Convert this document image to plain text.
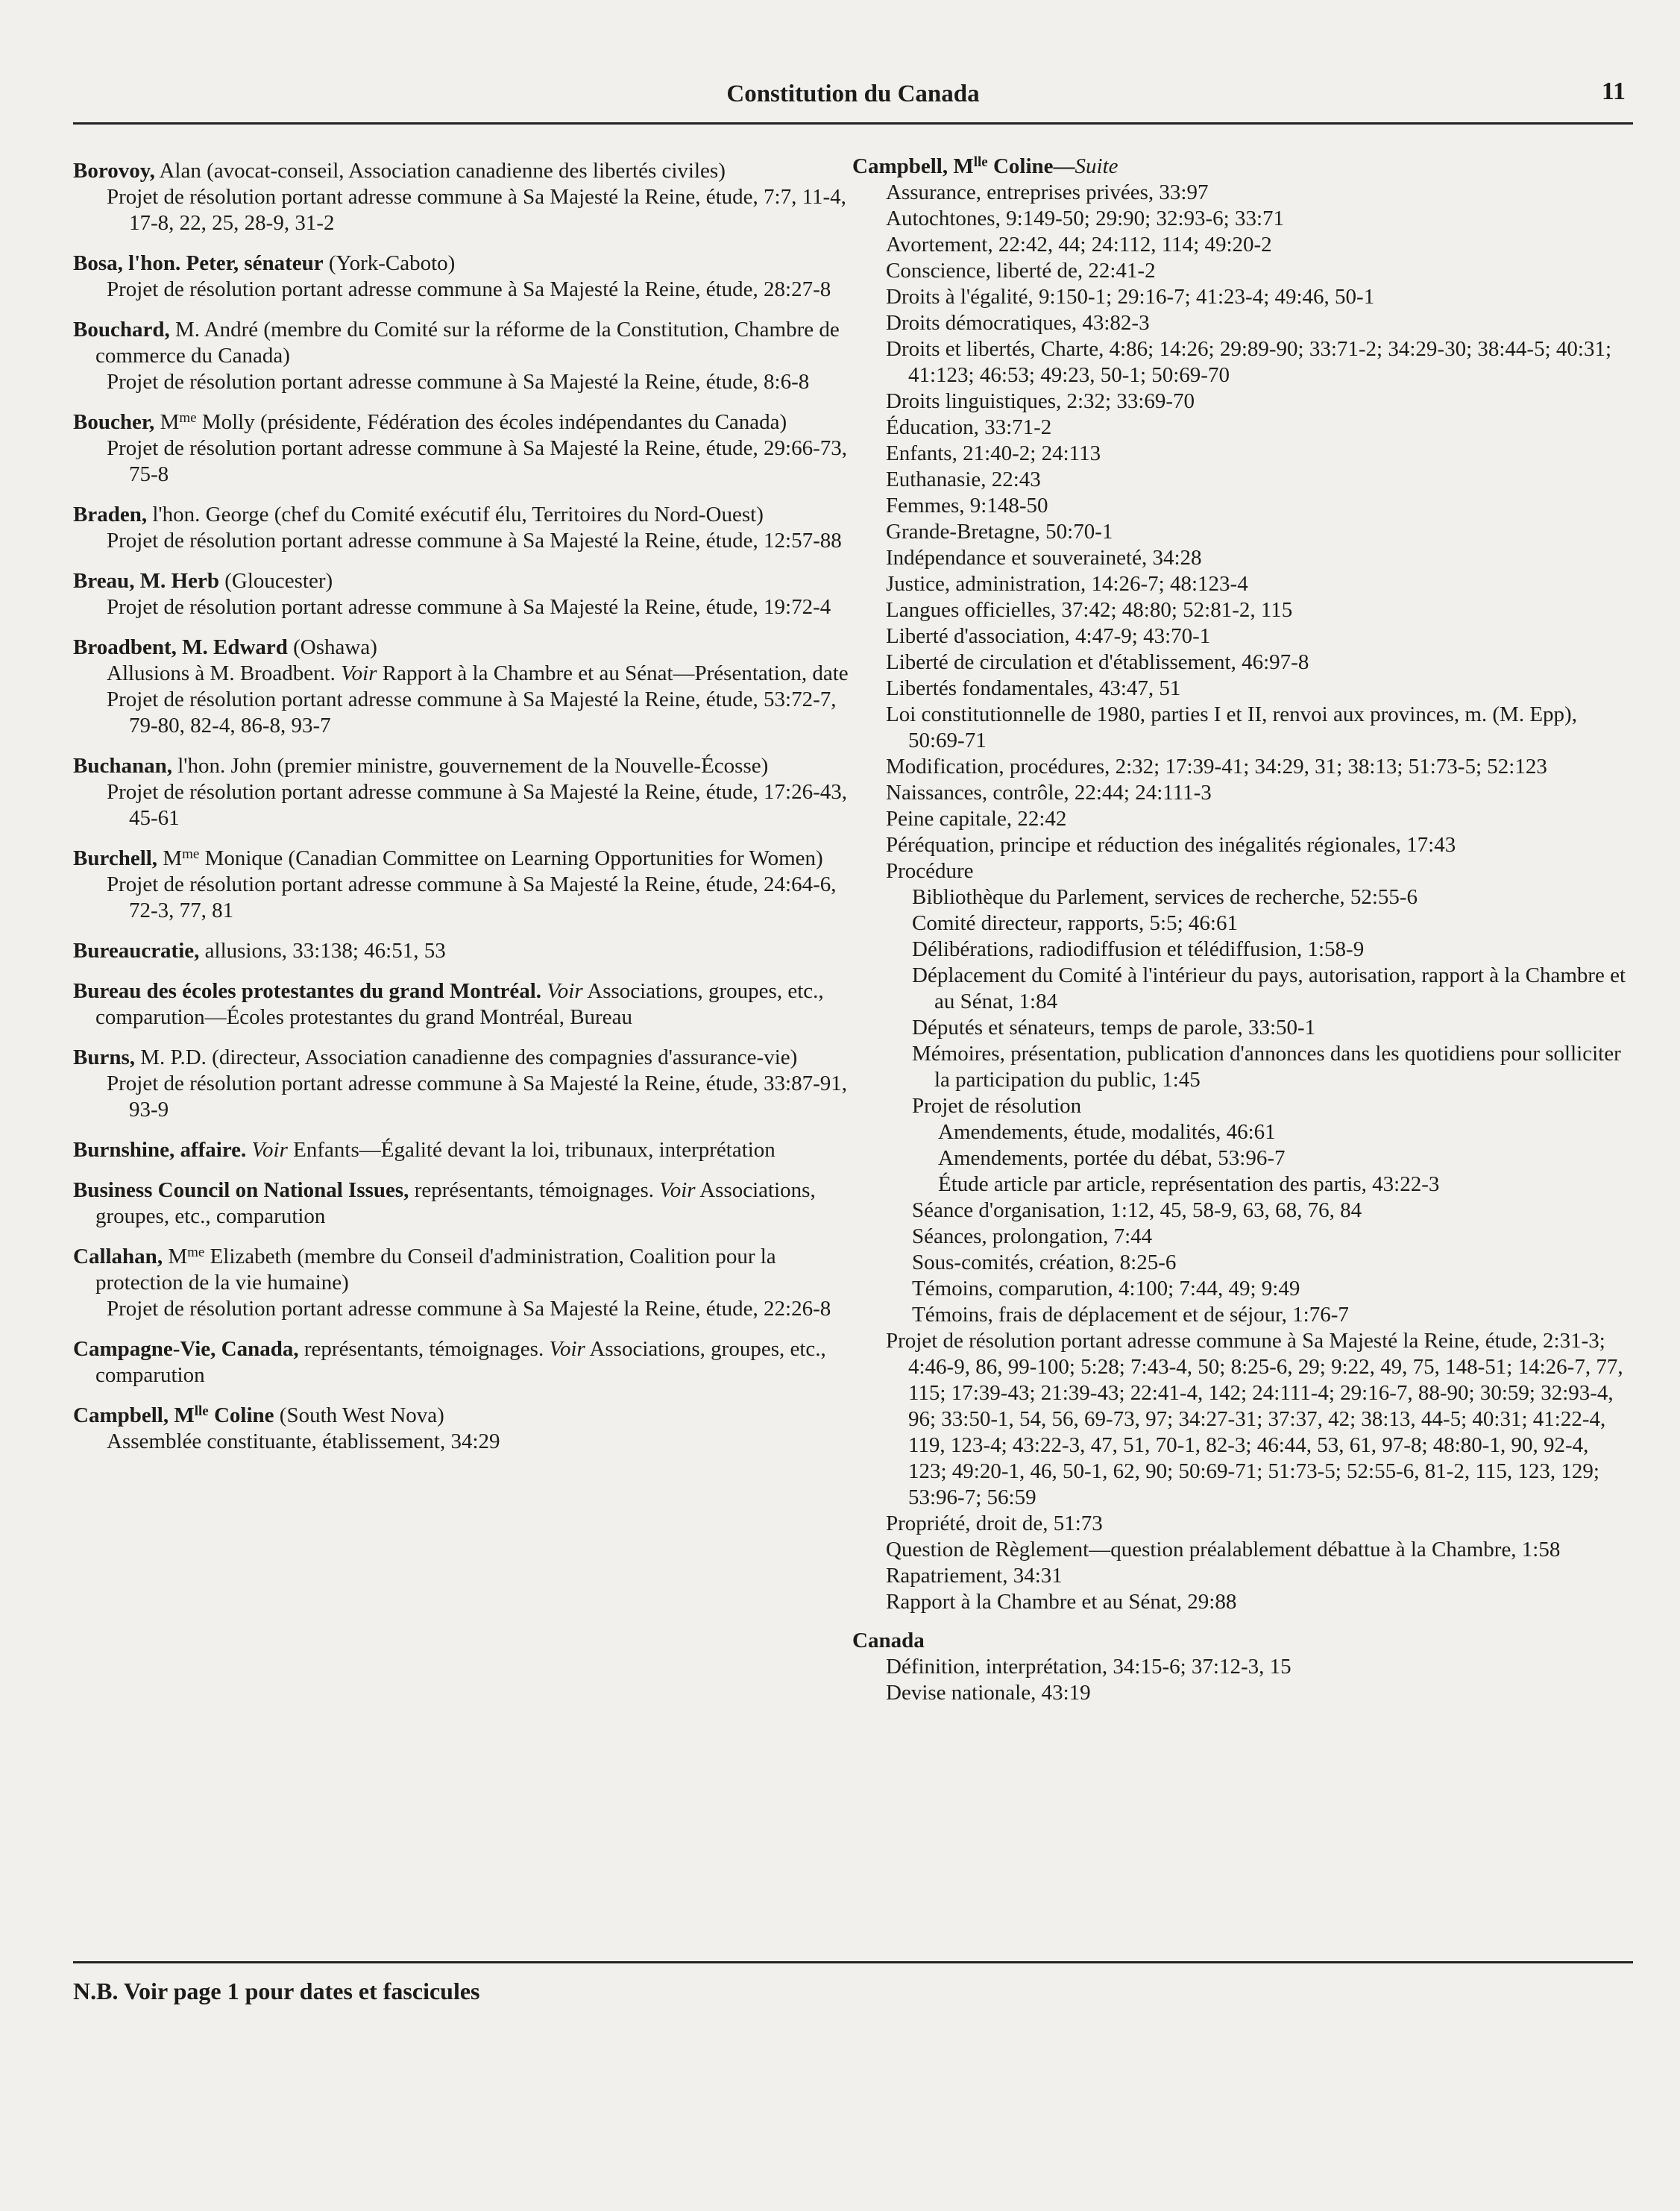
Constitution du Canada	11
Borovoy, Alan (avocat-conseil, Association canadienne des libertés civiles)
Projet de résolution portant adresse commune à Sa Majesté la Reine, étude, 7:7, 11-4, 17-8, 22, 25, 28-9, 31-2
Bosa, l'hon. Peter, sénateur (York-Caboto)
Projet de résolution portant adresse commune à Sa Majesté la Reine, étude, 28:27-8
Bouchard, M. André (membre du Comité sur la réforme de la Constitution, Chambre de commerce du Canada)
Projet de résolution portant adresse commune à Sa Majesté la Reine, étude, 8:6-8
Boucher, $M^{me}$ Molly (présidente, Fédération des écoles indépendantes du Canada)
Projet de résolution portant adresse commune à Sa Majesté la Reine, étude, 29:66-73, 75-8
Braden, l'hon. George (chef du Comité exécutif élu, Territoires du Nord-Ouest)
Projet de résolution portant adresse commune à Sa Majesté la Reine, étude, 12:57-88
Breau, M. Herb (Gloucester)
Projet de résolution portant adresse commune à Sa Majesté la Reine, étude, 19:72-4
Broadbent, M. Edward (Oshawa)
Allusions à M. Broadbent. Voir Rapport à la Chambre et au Sénat—Présentation, date
Projet de résolution portant adresse commune à Sa Majesté la Reine, étude, 53:72-7, 79-80, 82-4, 86-8, 93-7
Buchanan, l'hon. John (premier ministre, gouvernement de la Nouvelle-Écosse)
Projet de résolution portant adresse commune à Sa Majesté la Reine, étude, 17:26-43, 45-61
Burchell, $M^{me}$ Monique (Canadian Committee on Learning Opportunities for Women)
Projet de résolution portant adresse commune à Sa Majesté la Reine, étude, 24:64-6, 72-3, 77, 81
Bureaucratie, allusions, 33:138; 46:51, 53
Bureau des écoles protestantes du grand Montréal. Voir Associations, groupes, etc., comparution—Écoles protestantes du grand Montréal, Bureau
Burns, M. P.D. (directeur, Association canadienne des compagnies d'assurance-vie)
Projet de résolution portant adresse commune à Sa Majesté la Reine, étude, 33:87-91, 93-9
Burnshine, affaire. Voir Enfants—Égalité devant la loi, tribunaux, interprétation
Business Council on National Issues, représentants, témoignages. Voir Associations, groupes, etc., comparution
Callahan, $M^{me}$ Elizabeth (membre du Conseil d'administration, Coalition pour la protection de la vie humaine)
Projet de résolution portant adresse commune à Sa Majesté la Reine, étude, 22:26-8
Campagne-Vie, Canada, représentants, témoignages. Voir Associations, groupes, etc., comparution
Campbell, $M^{lle}$ Coline (South West Nova)
Assemblée constituante, établissement, 34:29
Campbell, $M^{lle}$ Coline—Suite
Assurance, entreprises privées, 33:97
Autochtones, 9:149-50; 29:90; 32:93-6; 33:71
Avortement, 22:42, 44; 24:112, 114; 49:20-2
Conscience, liberté de, 22:41-2
Droits à l'égalité, 9:150-1; 29:16-7; 41:23-4; 49:46, 50-1
Droits démocratiques, 43:82-3
Droits et libertés, Charte, 4:86; 14:26; 29:89-90; 33:71-2; 34:29-30; 38:44-5; 40:31; 41:123; 46:53; 49:23, 50-1; 50:69-70
Droits linguistiques, 2:32; 33:69-70
Éducation, 33:71-2
Enfants, 21:40-2; 24:113
Euthanasie, 22:43
Femmes, 9:148-50
Grande-Bretagne, 50:70-1
Indépendance et souveraineté, 34:28
Justice, administration, 14:26-7; 48:123-4
Langues officielles, 37:42; 48:80; 52:81-2, 115
Liberté d'association, 4:47-9; 43:70-1
Liberté de circulation et d'établissement, 46:97-8
Libertés fondamentales, 43:47, 51
Loi constitutionnelle de 1980, parties I et II, renvoi aux provinces, m. (M. Epp), 50:69-71
Modification, procédures, 2:32; 17:39-41; 34:29, 31; 38:13; 51:73-5; 52:123
Naissances, contrôle, 22:44; 24:111-3
Peine capitale, 22:42
Péréquation, principe et réduction des inégalités régionales, 17:43
Procédure
Bibliothèque du Parlement, services de recherche, 52:55-6
Comité directeur, rapports, 5:5; 46:61
Délibérations, radiodiffusion et télédiffusion, 1:58-9
Déplacement du Comité à l'intérieur du pays, autorisation, rapport à la Chambre et au Sénat, 1:84
Députés et sénateurs, temps de parole, 33:50-1
Mémoires, présentation, publication d'annonces dans les quotidiens pour solliciter la participation du public, 1:45
Projet de résolution
Amendements, étude, modalités, 46:61
Amendements, portée du débat, 53:96-7
Étude article par article, représentation des partis, 43:22-3
Séance d'organisation, 1:12, 45, 58-9, 63, 68, 76, 84
Séances, prolongation, 7:44
Sous-comités, création, 8:25-6
Témoins, comparution, 4:100; 7:44, 49; 9:49
Témoins, frais de déplacement et de séjour, 1:76-7
Projet de résolution portant adresse commune à Sa Majesté la Reine, étude, 2:31-3; 4:46-9, 86, 99-100; 5:28; 7:43-4, 50; 8:25-6, 29; 9:22, 49, 75, 148-51; 14:26-7, 77, 115; 17:39-43; 21:39-43; 22:41-4, 142; 24:111-4; 29:16-7, 88-90; 30:59; 32:93-4, 96; 33:50-1, 54, 56, 69-73, 97; 34:27-31; 37:37, 42; 38:13, 44-5; 40:31; 41:22-4, 119, 123-4; 43:22-3, 47, 51, 70-1, 82-3; 46:44, 53, 61, 97-8; 48:80-1, 90, 92-4, 123; 49:20-1, 46, 50-1, 62, 90; 50:69-71; 51:73-5; 52:55-6, 81-2, 115, 123, 129; 53:96-7; 56:59
Propriété, droit de, 51:73
Question de Règlement—question préalablement débattue à la Chambre, 1:58
Rapatriement, 34:31
Rapport à la Chambre et au Sénat, 29:88
Canada
Définition, interprétation, 34:15-6; 37:12-3, 15
Devise nationale, 43:19
N.B. Voir page 1 pour dates et fascicules
